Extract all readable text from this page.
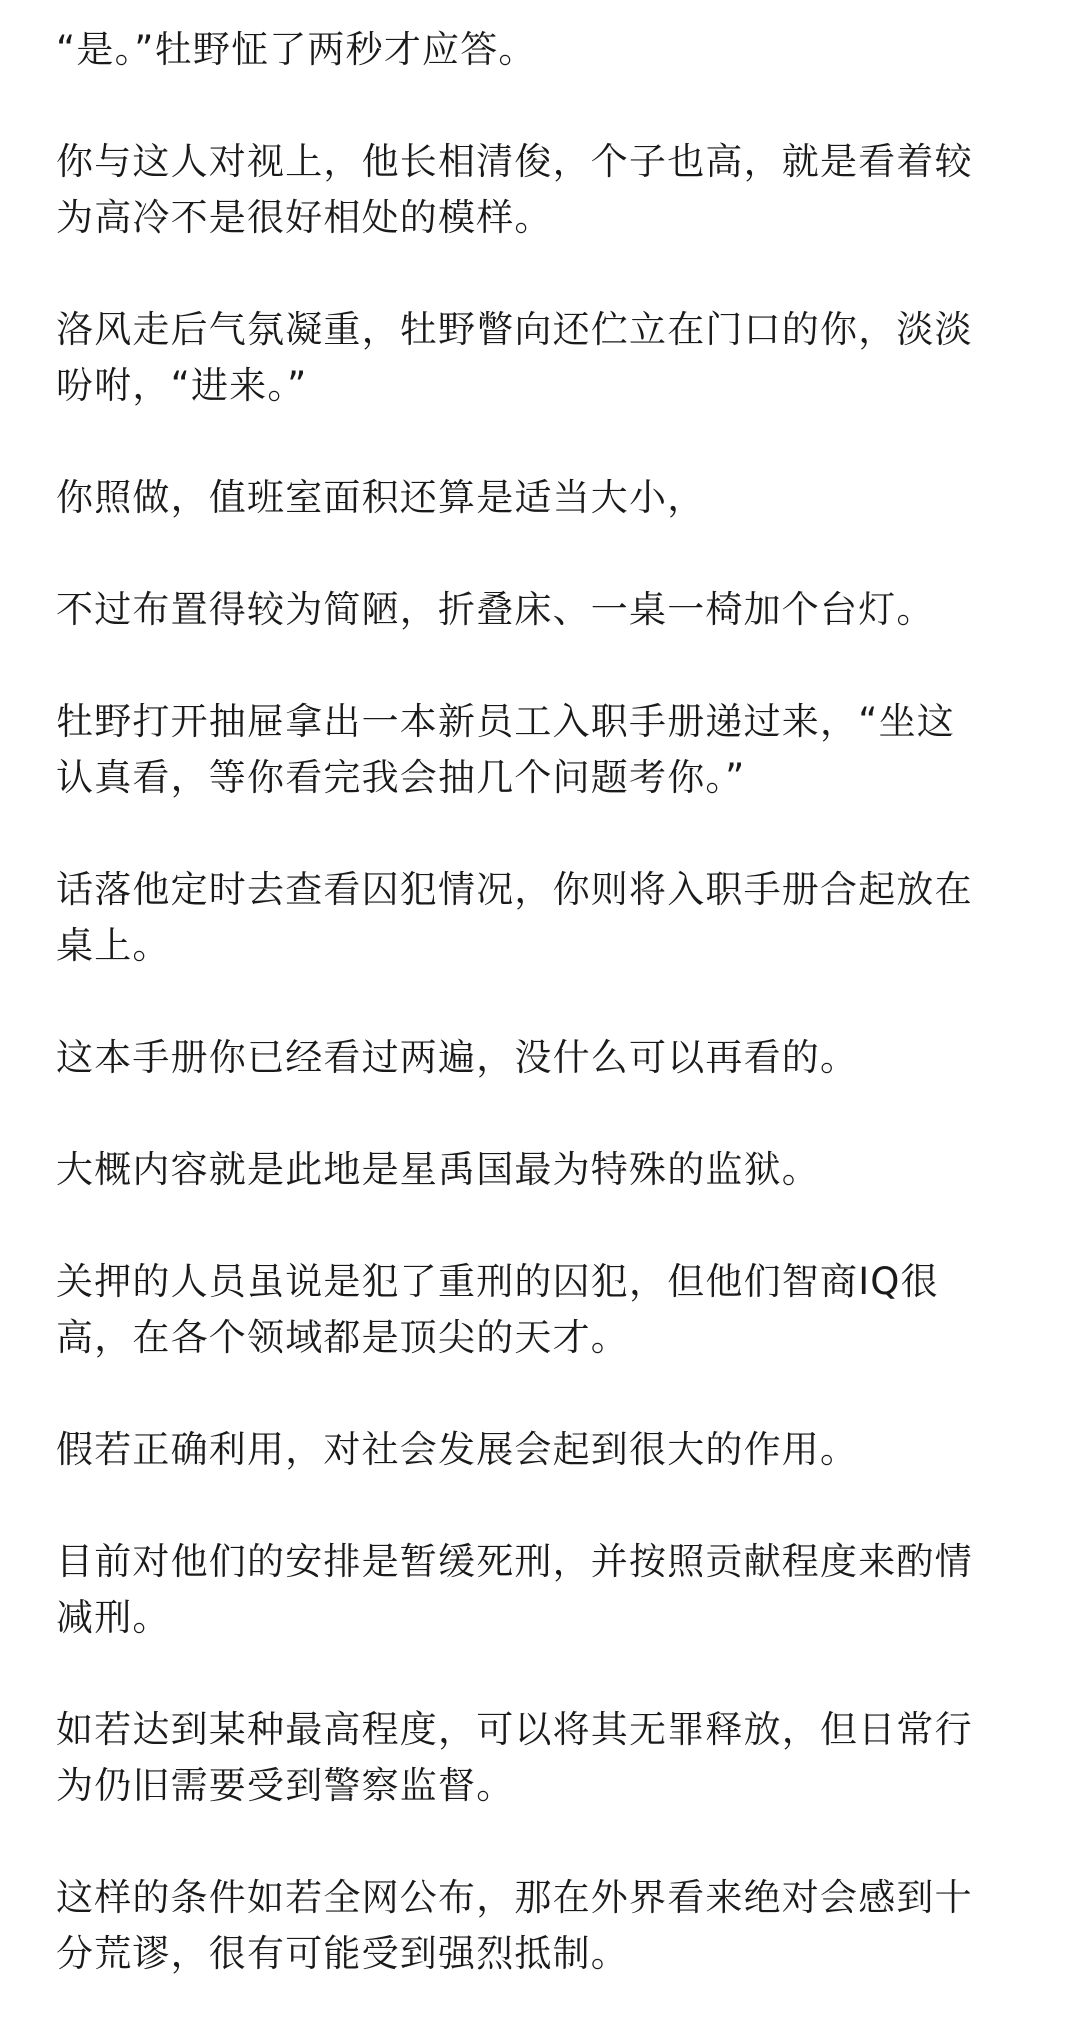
“是。”牡野怔了两秒才应答。

你与这人对视上，他长相清俊，个子也高，就是看着较
为高冷不是很好相处的模样。

洛风走后气氛凝重，牡野瞥向还伫立在门口的你，淡淡
吩咐，“进来。”

你照做，值班室面积还算是适当大小，

不过布置得较为简陋，折叠床、一桌一椅加个台灯。

牡野打开抽屉拿出一本新员工入职手册递过来，“坐这
认真看，等你看完我会抽几个问题考你。”

话落他定时去查看囚犯情况，你则将入职手册合起放在
桌上。

这本手册你已经看过两遍，没什么可以再看的。

大概内容就是此地是星禹国最为特殊的监狱。

关押的人员虽说是犯了重刑的囚犯，但他们智商IQ很
高，在各个领域都是顶尖的天才。

假若正确利用，对社会发展会起到很大的作用。

目前对他们的安排是暂缓死刑，并按照贡献程度来酌情
减刑。

如若达到某种最高程度，可以将其无罪释放，但日常行
为仍旧需要受到警察监督。

这样的条件如若全网公布，那在外界看来绝对会感到十
分荒谬，很有可能受到强烈抵制。
